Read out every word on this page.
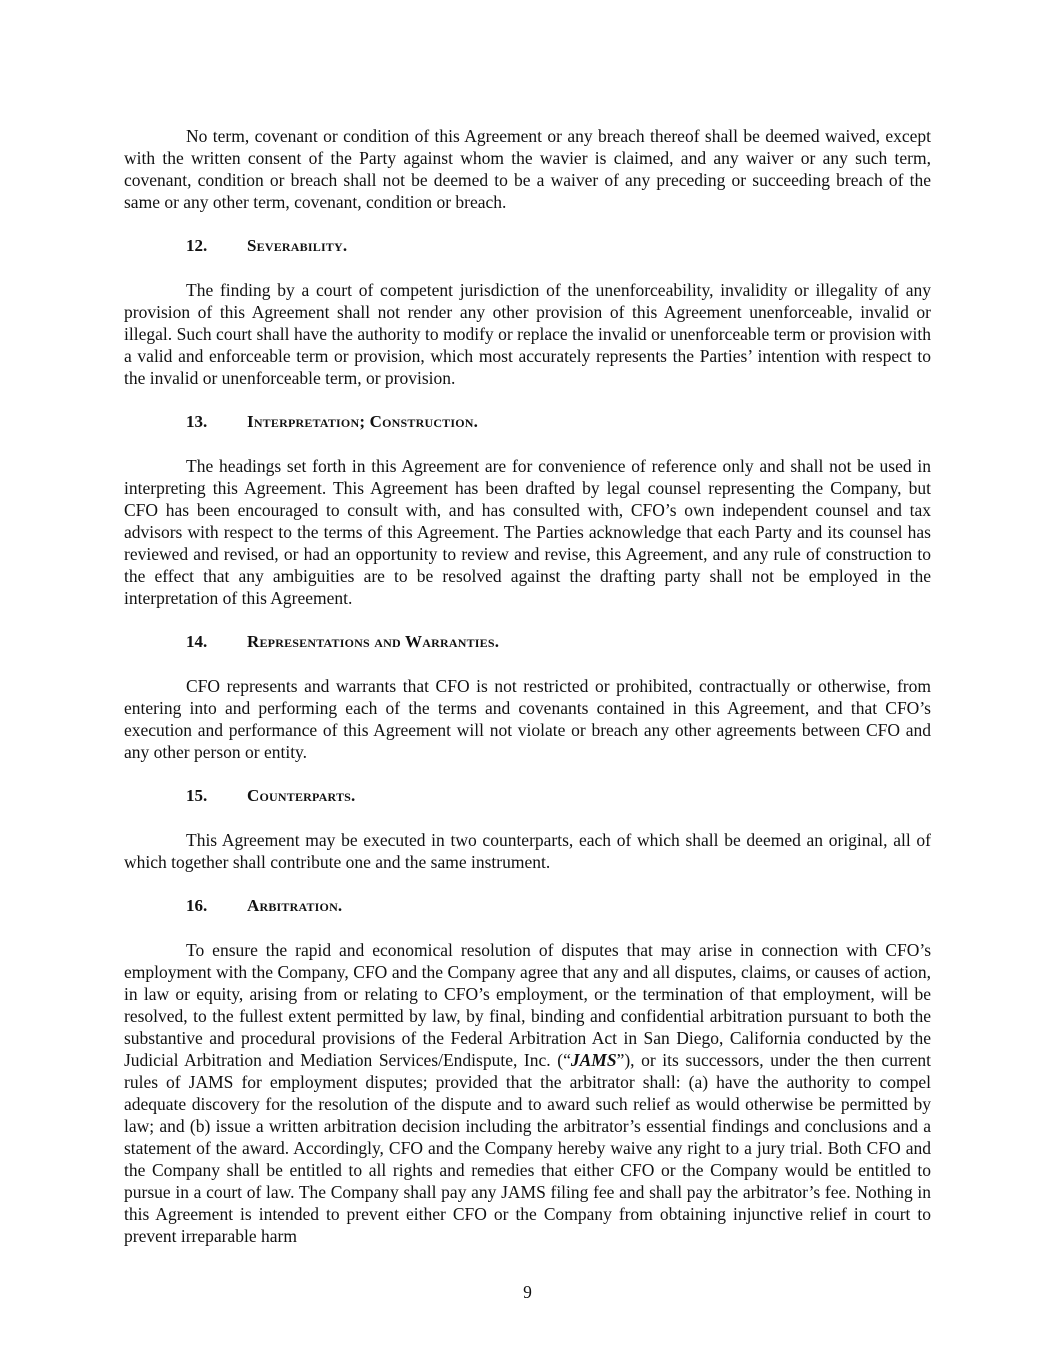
No term, covenant or condition of this Agreement or any breach thereof shall be deemed waived, except with the written consent of the Party against whom the wavier is claimed, and any waiver or any such term, covenant, condition or breach shall not be deemed to be a waiver of any preceding or succeeding breach of the same or any other term, covenant, condition or breach.

12. Severability.

The finding by a court of competent jurisdiction of the unenforceability, invalidity or illegality of any provision of this Agreement shall not render any other provision of this Agreement unenforceable, invalid or illegal. Such court shall have the authority to modify or replace the invalid or unenforceable term or provision with a valid and enforceable term or provision, which most accurately represents the Parties’ intention with respect to the invalid or unenforceable term, or provision.

13. Interpretation; Construction.

The headings set forth in this Agreement are for convenience of reference only and shall not be used in interpreting this Agreement. This Agreement has been drafted by legal counsel representing the Company, but CFO has been encouraged to consult with, and has consulted with, CFO’s own independent counsel and tax advisors with respect to the terms of this Agreement. The Parties acknowledge that each Party and its counsel has reviewed and revised, or had an opportunity to review and revise, this Agreement, and any rule of construction to the effect that any ambiguities are to be resolved against the drafting party shall not be employed in the interpretation of this Agreement.

14. Representations and Warranties.

CFO represents and warrants that CFO is not restricted or prohibited, contractually or otherwise, from entering into and performing each of the terms and covenants contained in this Agreement, and that CFO’s execution and performance of this Agreement will not violate or breach any other agreements between CFO and any other person or entity.

15. Counterparts.

This Agreement may be executed in two counterparts, each of which shall be deemed an original, all of which together shall contribute one and the same instrument.

16. Arbitration.

To ensure the rapid and economical resolution of disputes that may arise in connection with CFO’s employment with the Company, CFO and the Company agree that any and all disputes, claims, or causes of action, in law or equity, arising from or relating to CFO’s employment, or the termination of that employment, will be resolved, to the fullest extent permitted by law, by final, binding and confidential arbitration pursuant to both the substantive and procedural provisions of the Federal Arbitration Act in San Diego, California conducted by the Judicial Arbitration and Mediation Services/Endispute, Inc. (“JAMS”), or its successors, under the then current rules of JAMS for employment disputes; provided that the arbitrator shall: (a) have the authority to compel adequate discovery for the resolution of the dispute and to award such relief as would otherwise be permitted by law; and (b) issue a written arbitration decision including the arbitrator’s essential findings and conclusions and a statement of the award. Accordingly, CFO and the Company hereby waive any right to a jury trial. Both CFO and the Company shall be entitled to all rights and remedies that either CFO or the Company would be entitled to pursue in a court of law. The Company shall pay any JAMS filing fee and shall pay the arbitrator’s fee. Nothing in this Agreement is intended to prevent either CFO or the Company from obtaining injunctive relief in court to prevent irreparable harm

9
